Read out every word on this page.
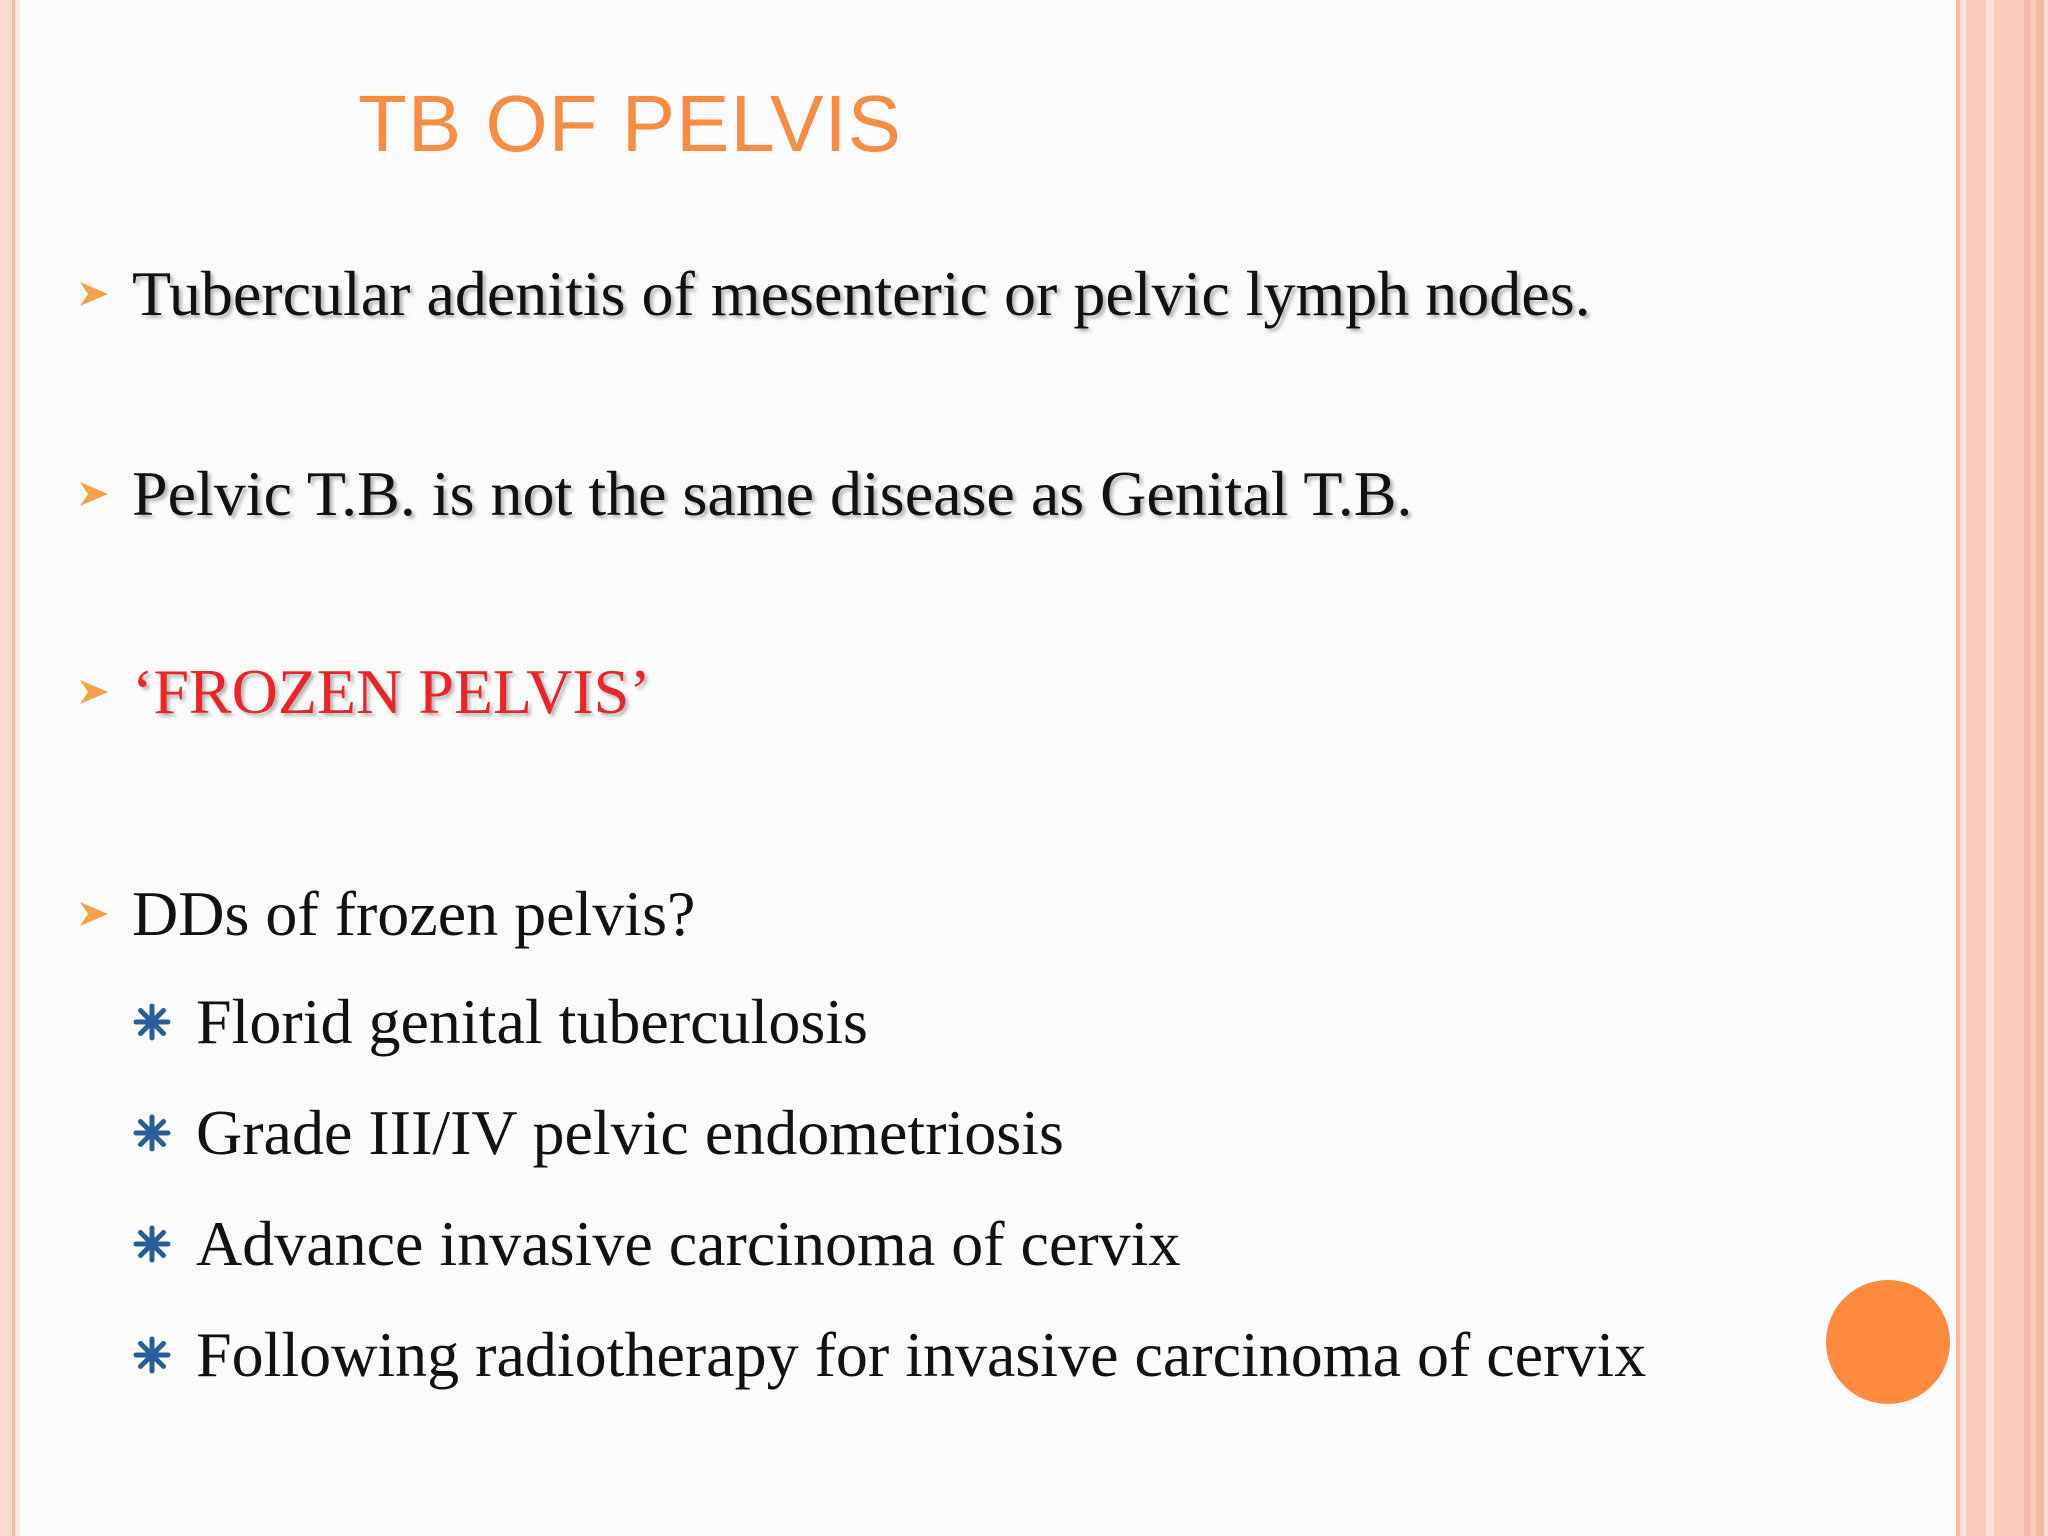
TB OF PELVIS
Tubercular adenitis of mesenteric or pelvic lymph nodes.
Pelvic T.B. is not the same disease as Genital T.B.
‘FROZEN PELVIS’
DDs of frozen pelvis?
Florid genital tuberculosis
Grade III/IV pelvic endometriosis
Advance invasive carcinoma of cervix
Following radiotherapy for invasive carcinoma of cervix
